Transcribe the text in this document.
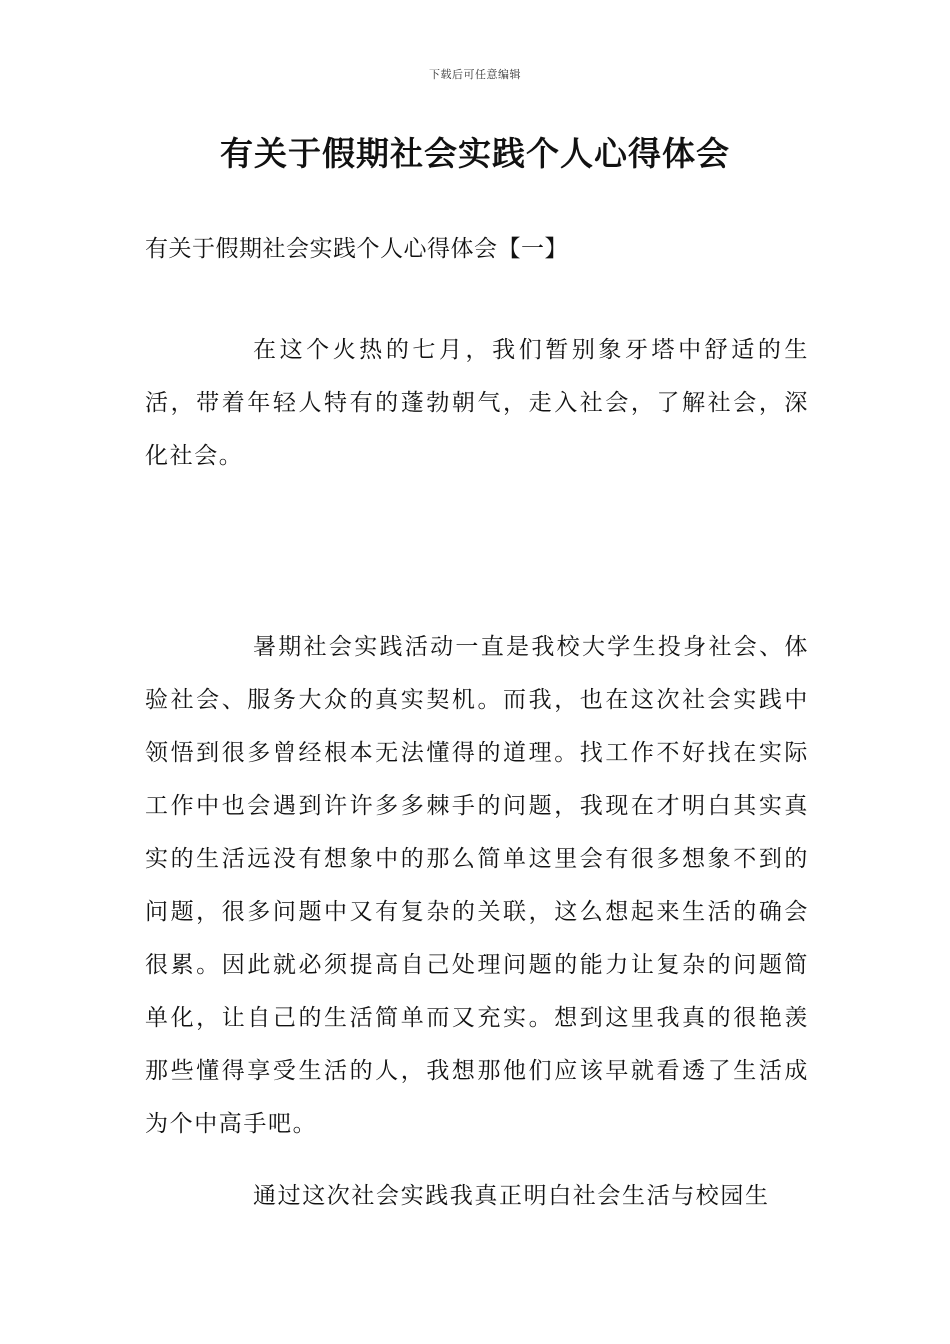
下载后可任意编辑
有关于假期社会实践个人心得体会
有关于假期社会实践个人心得体会【一】

在这个火热的七月，我们暂别象牙塔中舒适的生活，带着年轻人特有的蓬勃朝气，走入社会，了解社会，深化社会。

暑期社会实践活动一直是我校大学生投身社会、体验社会、服务大众的真实契机。而我，也在这次社会实践中领悟到很多曾经根本无法懂得的道理。找工作不好找在实际工作中也会遇到许许多多棘手的问题，我现在才明白其实真实的生活远没有想象中的那么简单这里会有很多想象不到的问题，很多问题中又有复杂的关联，这么想起来生活的确会很累。因此就必须提高自己处理问题的能力让复杂的问题简单化，让自己的生活简单而又充实。想到这里我真的很艳羡那些懂得享受生活的人，我想那他们应该早就看透了生活成为个中高手吧。

通过这次社会实践我真正明白社会生活与校园生
